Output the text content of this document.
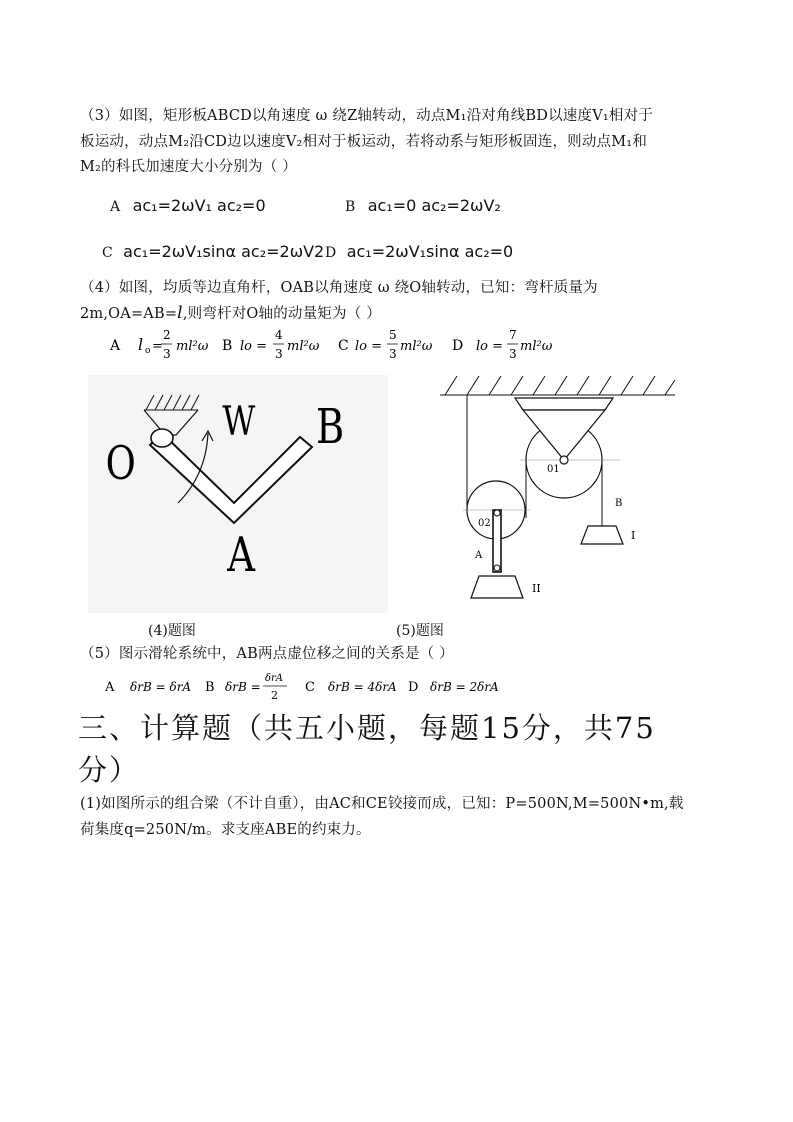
（3）如图，矩形板ABCD以角速度 ω 绕Z轴转动，动点M₁沿对角线BD以速度V₁相对于
板运动，动点M₂沿CD边以速度V₂相对于板运动，若将动系与矩形板固连，则动点M₁和
M₂的科氏加速度大小分别为（ ）
A ac₁=2ωV₁ ac₂=0	B ac₁=0 ac₂=2ωV₂
C ac₁=2ωV₁sinα ac₂=2ωV2 D ac₁=2ωV₁sinα ac₂=0
（4）如图，均质等边直角杆，OAB以角速度 ω 绕O轴转动，已知：弯杆质量为
2m,OA=AB=l,则弯杆对O轴的动量矩为（ ）
A l o =
2
3 ml²ω B lo =
4
3 ml²ω C lo =
5
3 ml²ω D lo =
7
3 ml²ω
O
W B
A
(4)题图
01
02
A
II
B
I
(5)题图
（5）图示滑轮系统中，AB两点虚位移之间的关系是（ ）
A δrB = δrA B δrB =
δrA
2
C δrB = 4δrA D δrB = 2δrA
三、计算题（共五小题，每题15分，共75
分）
(1)如图所示的组合梁（不计自重），由AC和CE铰接而成，已知：P=500N,M=500N•m,载
荷集度q=250N/m。求支座ABE的约束力。
